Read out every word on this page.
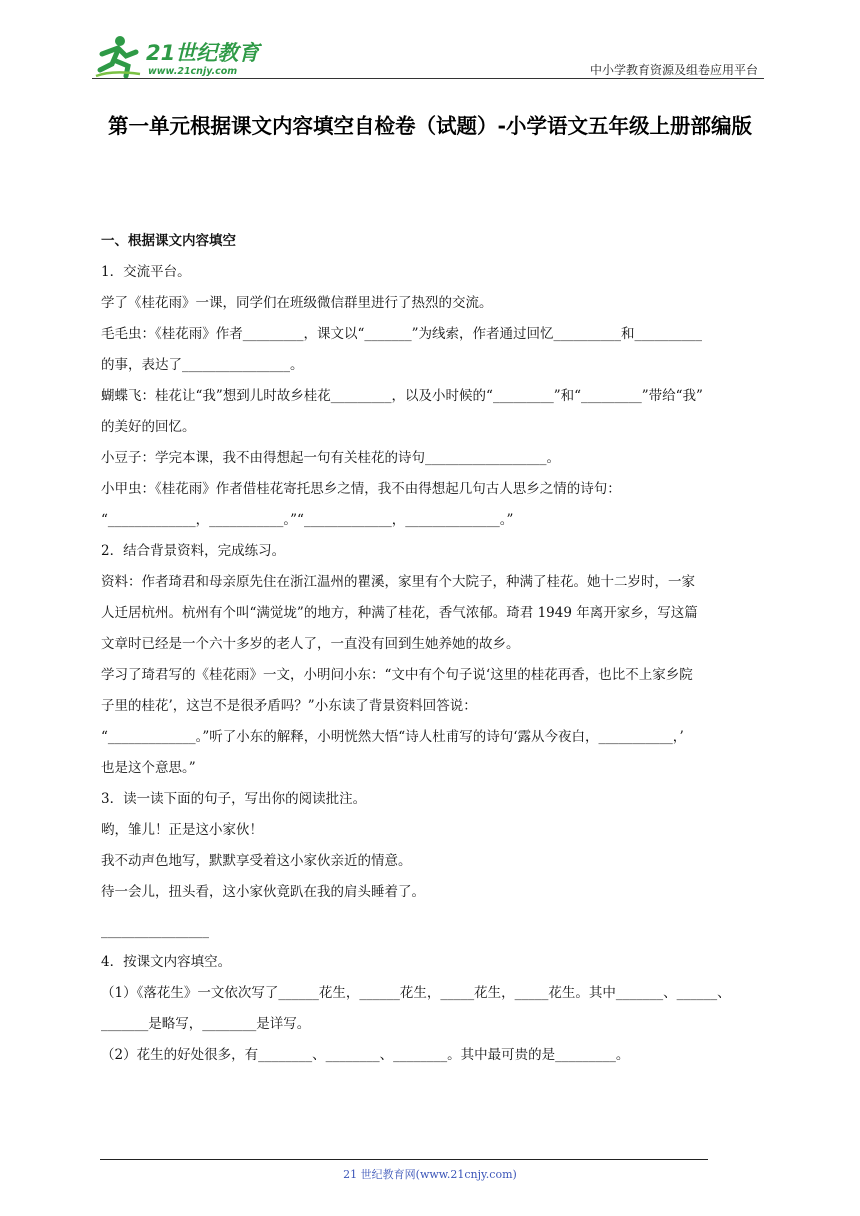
21世纪教育
www.21cnjy.com	中小学教育资源及组卷应用平台
第一单元根据课文内容填空自检卷（试题）-小学语文五年级上册部编版
一、根据课文内容填空
1．交流平台。
学了《桂花雨》一课，同学们在班级微信群里进行了热烈的交流。
毛毛虫：《桂花雨》作者_________，课文以“_______”为线索，作者通过回忆__________和__________
的事，表达了________________。
蝴蝶飞：桂花让“我”想到儿时故乡桂花_________，以及小时候的“_________”和“_________”带给“我”
的美好的回忆。
小豆子：学完本课，我不由得想起一句有关桂花的诗句__________________。
小甲虫：《桂花雨》作者借桂花寄托思乡之情，我不由得想起几句古人思乡之情的诗句：
“_____________，___________。”“_____________，______________。”
2．结合背景资料，完成练习。
资料：作者琦君和母亲原先住在浙江温州的瞿溪，家里有个大院子，种满了桂花。她十二岁时，一家
人迁居杭州。杭州有个叫“满觉垅”的地方，种满了桂花，香气浓郁。琦君 1949 年离开家乡，写这篇
文章时已经是一个六十多岁的老人了，一直没有回到生她养她的故乡。
学习了琦君写的《桂花雨》一文，小明问小东：“文中有个句子说‘这里的桂花再香，也比不上家乡院
子里的桂花’，这岂不是很矛盾吗？”小东读了背景资料回答说：
“_____________。”听了小东的解释，小明恍然大悟“诗人杜甫写的诗句‘露从今夜白，___________，’
也是这个意思。”
3．读一读下面的句子，写出你的阅读批注。
哟，雏儿！正是这小家伙！
我不动声色地写，默默享受着这小家伙亲近的情意。
待一会儿，扭头看，这小家伙竟趴在我的肩头睡着了。
________________
4．按课文内容填空。
（1）《落花生》一文依次写了______花生，______花生，_____花生，_____花生。其中_______、______、
_______是略写，________是详写。
（2）花生的好处很多，有________、________、________。其中最可贵的是_________。
21 世纪教育网(www.21cnjy.com)
